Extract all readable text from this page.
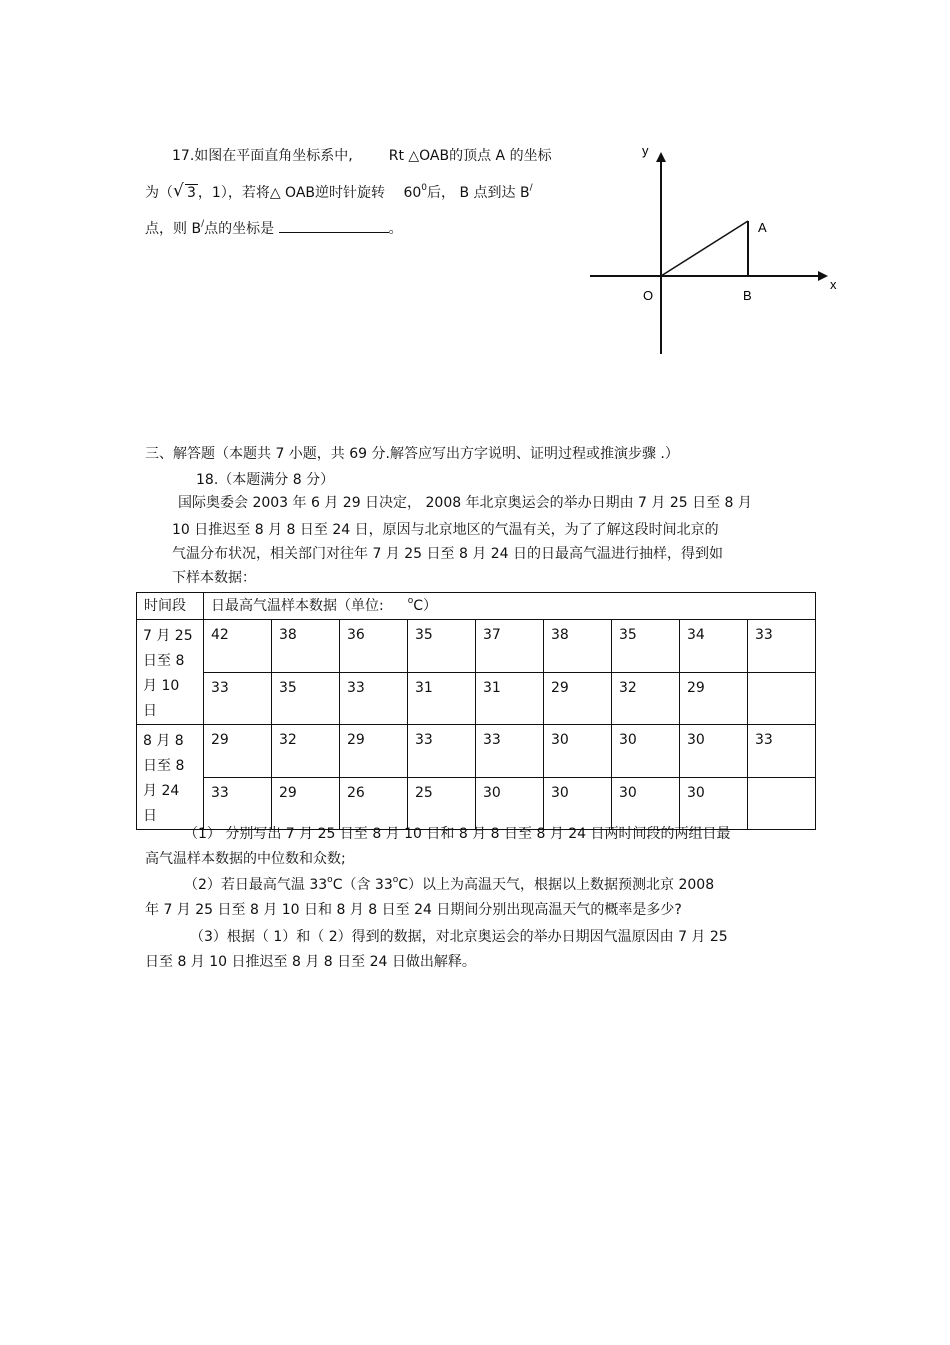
17.如图在平面直角坐标系中,	Rt △OAB的顶点 A 的坐标
为（ √ 3 ，1），若将△ OAB逆时针旋转 $60^0$后， B 点到达 B/
点，则 B/点的坐标是	。
y
x
A
O	B
三、解答题（本题共 7 小题，共 69 分.解答应写出方字说明、证明过程或推演步骤 .）
18.（本题满分 8 分）
国际奥委会 2003 年 6 月 29 日决定， 2008 年北京奥运会的举办日期由 7 月 25 日至 8 月
10 日推迟至 8 月 8 日至 24 日，原因与北京地区的气温有关，为了了解这段时间北京的
气温分布状况，相关部门对往年 7 月 25 日至 8 月 24 日的日最高气温进行抽样，得到如
下样本数据：
时间段	日最高气温样本数据（单位: $^o$C）								

7 月 25
日至 8
月 10
日	42	38	36	35	37	38	35	34	33
	33	35	33	31	31	29	32	29	

8 月 8
日至 8
月 24
日	29	32	29	33	33	30	30	30	33
	33	29	26	25	30	30	30	30	
（1） 分别写出 7 月 25 日至 8 月 10 日和 8 月 8 日至 8 月 24 日两时间段的两组日最
高气温样本数据的中位数和众数;
（2）若日最高气温 33$^o$C（含 33$^o$C）以上为高温天气，根据以上数据预测北京 2008
年 7 月 25 日至 8 月 10 日和 8 月 8 日至 24 日期间分别出现高温天气的概率是多少?
（3）根据（ 1）和（ 2）得到的数据，对北京奥运会的举办日期因气温原因由 7 月 25
日至 8 月 10 日推迟至 8 月 8 日至 24 日做出解释。
